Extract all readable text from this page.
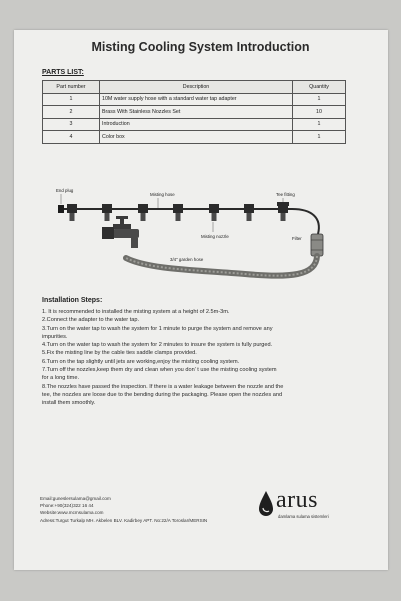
Misting Cooling System Introduction
PARTS LIST:
Part number	Description	Quantity
1	10M water supply hose with a standard water tap adapter	1
2	Brass With Stainless Nozzles Set	10
3	Introduction	1
4	Color box	1
End plug
Misting hose	Tee fitting
Misting nozzle	Filter
3/4" garden hose
Installation Steps:
1. It is recommended to installed the misting system at a height of 2.5m-3m.
2.Connect the adapter to the water tap.
3.Turn on the water tap to wash the system for 1 minute to purge the system and remove any
impurities.
4.Turn on the water tap to wash the system for 2 minutes to insure the system is fully purged.
5.Fix the misting line by the cable ties saddle clamps provided.
6.Turn on the tap slightly until jets are working,enjoy the misting cooling system.
7.Turn off the nozzles,keep them dry and clean when you don’ t use the misting cooling system
for a long time.
8.The nozzles have passed the inspection. If there is a water leakage between the nozzle and the
tee, the nozzles are loose due to the bending during the packaging. Please open the nozzles and
install them smoothly.
Email:guneslersulama@gmail.com
Phone:+90(324)322 16 44
Website:www.mcmsulama.com
Adress:Turgut Turkalp MH. Akbelen BLV. Kadirbey APT. No:22/A Toroslar/MERSIN
arus
damlama sulama sistemleri
